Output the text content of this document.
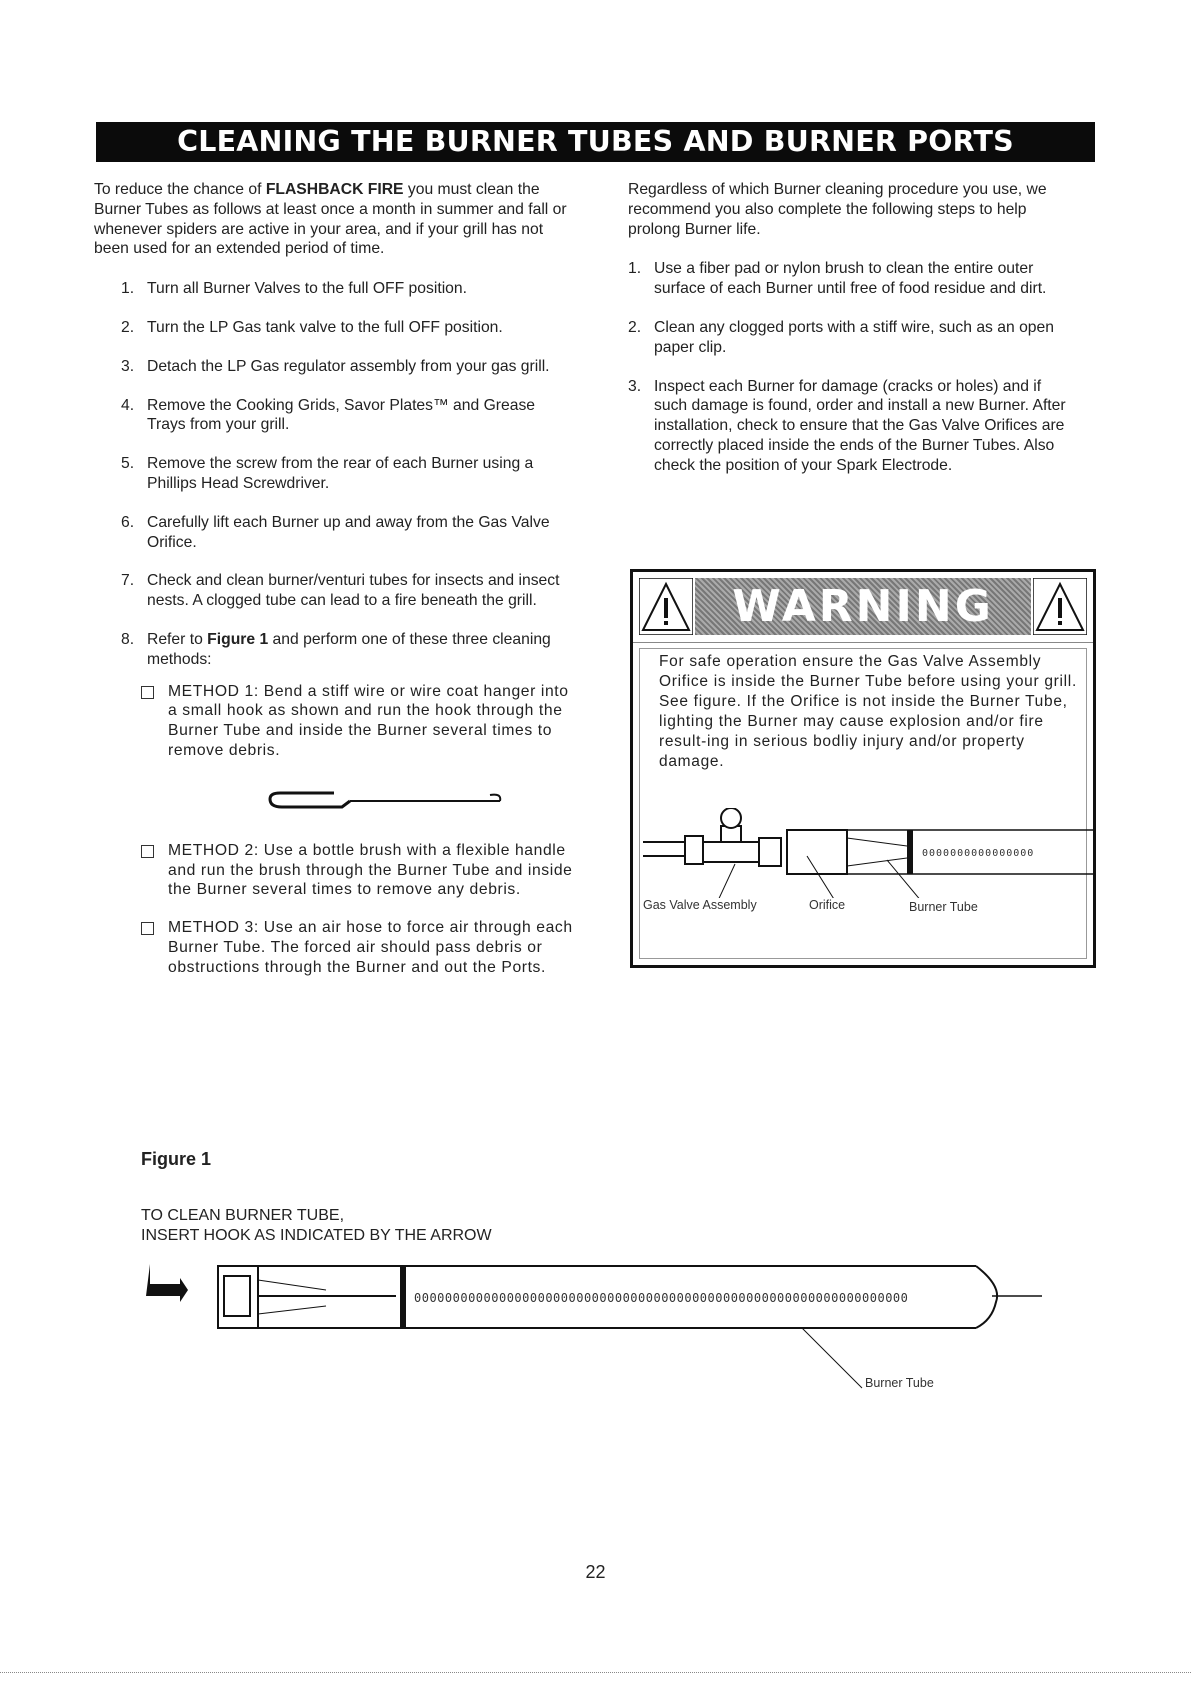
CLEANING THE BURNER TUBES AND BURNER PORTS

To reduce the chance of FLASHBACK FIRE you must clean the Burner Tubes as follows at least once a month in summer and fall or whenever spiders are active in your area, and if your grill has not been used for an extended period of time.

1. Turn all Burner Valves to the full OFF position.
2. Turn the LP Gas tank valve to the full OFF position.
3. Detach the LP Gas regulator assembly from your gas grill.
4. Remove the Cooking Grids, Savor Plates™ and Grease Trays from your grill.
5. Remove the screw from the rear of each Burner using a Phillips Head Screwdriver.
6. Carefully lift each Burner up and away from the Gas Valve Orifice.
7. Check and clean burner/venturi tubes for insects and insect nests. A clogged tube can lead to a fire beneath the grill.
8. Refer to Figure 1 and perform one of these three cleaning methods:
METHOD 1: Bend a stiff wire or wire coat hanger into a small hook as shown and run the hook through the Burner Tube and inside the Burner several times to remove debris.
METHOD 2: Use a bottle brush with a flexible handle and run the brush through the Burner Tube and inside the Burner several times to remove any debris.
METHOD 3: Use an air hose to force air through each Burner Tube. The forced air should pass debris or obstructions through the Burner and out the Ports.

Regardless of which Burner cleaning procedure you use, we recommend you also complete the following steps to help prolong Burner life.

1. Use a fiber pad or nylon brush to clean the entire outer surface of each Burner until free of food residue and dirt.
2. Clean any clogged ports with a stiff wire, such as an open paper clip.
3. Inspect each Burner for damage (cracks or holes) and if such damage is found, order and install a new Burner. After installation, check to ensure that the Gas Valve Orifices are correctly placed inside the ends of the Burner Tubes. Also check the position of your Spark Electrode.
WARNING
For safe operation ensure the Gas Valve Assembly Orifice is inside the Burner Tube before using your grill. See figure. If the Orifice is not inside the Burner Tube, lighting the Burner may cause explosion and/or fire result-ing in serious bodliy injury and/or property damage.
0000000000000000
Gas Valve Assembly	Orifice	Burner Tube
Figure 1
TO CLEAN BURNER TUBE,
INSERT HOOK AS INDICATED BY THE ARROW
0000000000000000000000000000000000000000000000000000000000000000
Burner Tube
22
